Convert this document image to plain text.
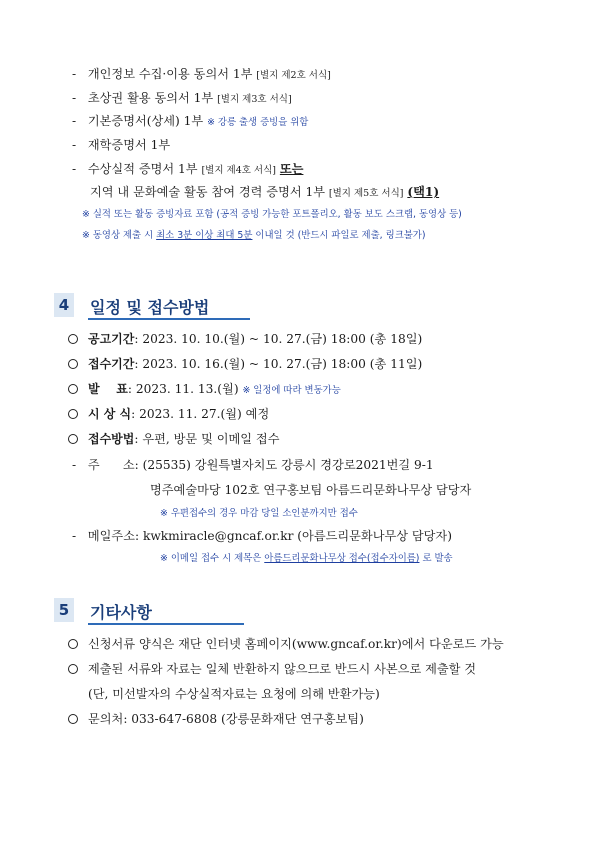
- 개인정보 수집·이용 동의서 1부 [별지 제2호 서식]
- 초상권 활용 동의서 1부 [별지 제3호 서식]
- 기본증명서(상세) 1부 ※ 강릉 출생 증빙을 위함
- 재학증명서 1부
- 수상실적 증명서 1부 [별지 제4호 서식] 또는
지역 내 문화예술 활동 참여 경력 증명서 1부 [별지 제5호 서식] (택1)
※ 실적 또는 활동 증빙자료 포함 (공적 증빙 가능한 포트폴리오, 활동 보도 스크랩, 동영상 등)
※ 동영상 제출 시 최소 3분 이상 최대 5분 이내일 것 (반드시 파일로 제출, 링크불가)
4 일정 및 접수방법
공고기간: 2023. 10. 10.(월) ~ 10. 27.(금) 18:00 (총 18일)
접수기간: 2023. 10. 16.(월) ~ 10. 27.(금) 18:00 (총 11일)
발    표: 2023. 11. 13.(월) ※ 일정에 따라 변동가능
시 상 식: 2023. 11. 27.(월) 예정
접수방법: 우편, 방문 및 이메일 접수
- 주      소: (25535) 강원특별자치도 강릉시 경강로2021번길 9-1
명주예술마당 102호 연구홍보팀 아름드리문화나무상 담당자
※ 우편접수의 경우 마감 당일 소인분까지만 접수
- 메일주소: kwkmiracle@gncaf.or.kr (아름드리문화나무상 담당자)
※ 이메일 접수 시 제목은 아름드리문화나무상 접수(접수자이름) 로 발송
5 기타사항
신청서류 양식은 재단 인터넷 홈페이지(www.gncaf.or.kr)에서 다운로드 가능
제출된 서류와 자료는 일체 반환하지 않으므로 반드시 사본으로 제출할 것
(단, 미선발자의 수상실적자료는 요청에 의해 반환가능)
문의처: 033-647-6808 (강릉문화재단 연구홍보팀)
